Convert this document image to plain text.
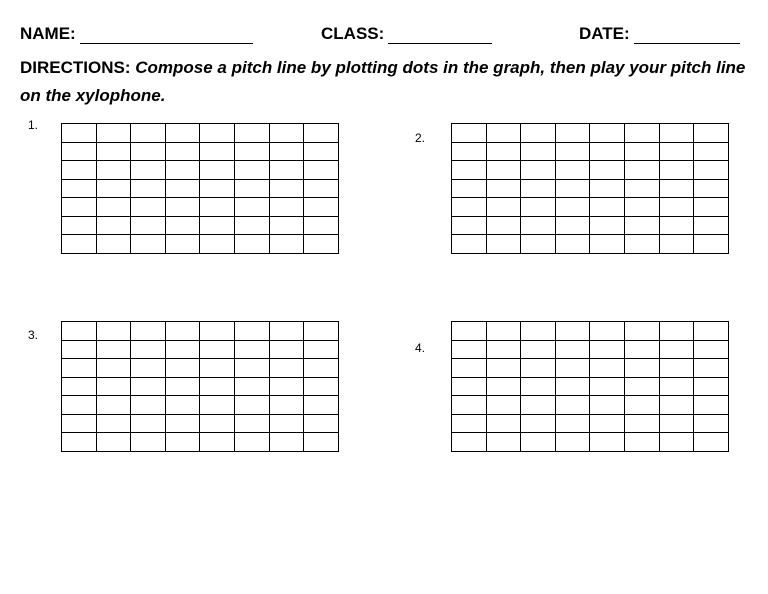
NAME:	CLASS:	DATE:
DIRECTIONS: Compose a pitch line by plotting dots in the graph, then play your pitch line on the xylophone.
1.
2.
3.
4.
